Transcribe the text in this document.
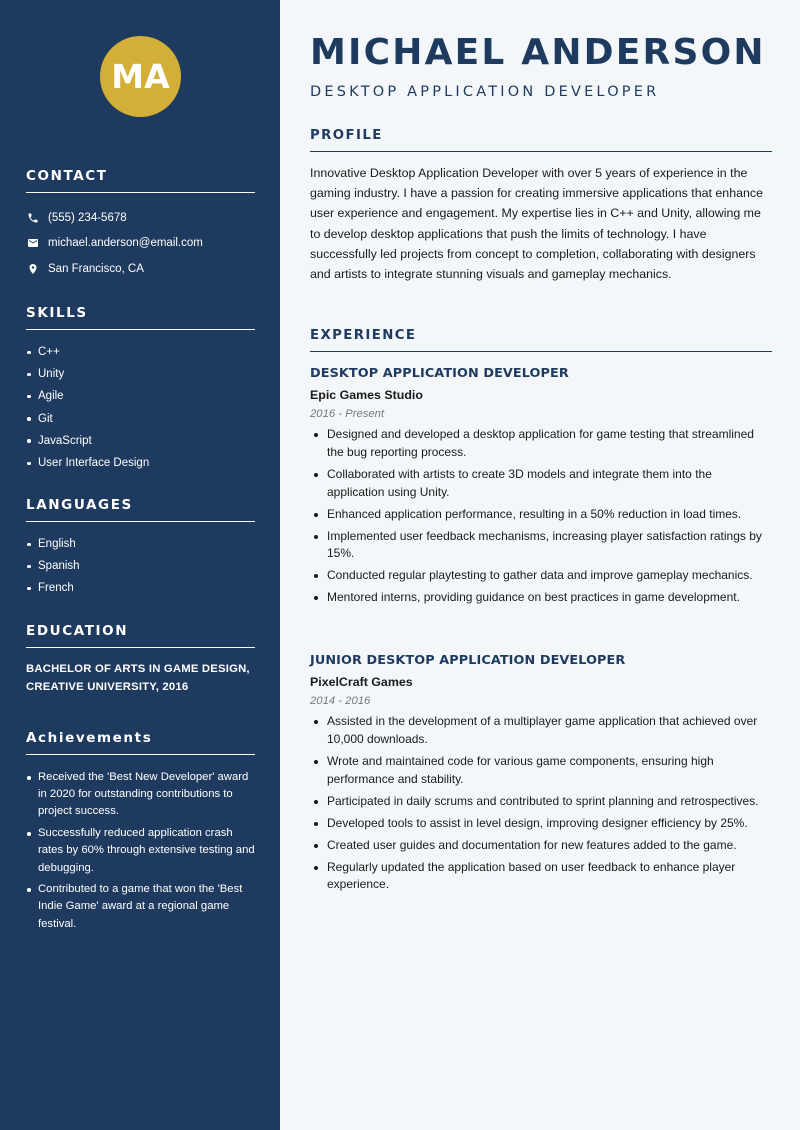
MA
CONTACT
(555) 234-5678
michael.anderson@email.com
San Francisco, CA
SKILLS
C++
Unity
Agile
Git
JavaScript
User Interface Design
LANGUAGES
English
Spanish
French
EDUCATION
BACHELOR OF ARTS IN GAME DESIGN,
CREATIVE UNIVERSITY, 2016
Achievements
Received the 'Best New Developer' award in 2020 for outstanding contributions to project success.
Successfully reduced application crash rates by 60% through extensive testing and debugging.
Contributed to a game that won the 'Best Indie Game' award at a regional game festival.
MICHAEL ANDERSON
DESKTOP APPLICATION DEVELOPER
PROFILE

Innovative Desktop Application Developer with over 5 years of experience in the gaming industry. I have a passion for creating immersive applications that enhance user experience and engagement. My expertise lies in C++ and Unity, allowing me to develop desktop applications that push the limits of technology. I have successfully led projects from concept to completion, collaborating with designers and artists to integrate stunning visuals and gameplay mechanics.

EXPERIENCE
DESKTOP APPLICATION DEVELOPER
Epic Games Studio
2016 - Present
Designed and developed a desktop application for game testing that streamlined the bug reporting process.
Collaborated with artists to create 3D models and integrate them into the application using Unity.
Enhanced application performance, resulting in a 50% reduction in load times.
Implemented user feedback mechanisms, increasing player satisfaction ratings by 15%.
Conducted regular playtesting to gather data and improve gameplay mechanics.
Mentored interns, providing guidance on best practices in game development.
JUNIOR DESKTOP APPLICATION DEVELOPER
PixelCraft Games
2014 - 2016
Assisted in the development of a multiplayer game application that achieved over 10,000 downloads.
Wrote and maintained code for various game components, ensuring high performance and stability.
Participated in daily scrums and contributed to sprint planning and retrospectives.
Developed tools to assist in level design, improving designer efficiency by 25%.
Created user guides and documentation for new features added to the game.
Regularly updated the application based on user feedback to enhance player experience.
